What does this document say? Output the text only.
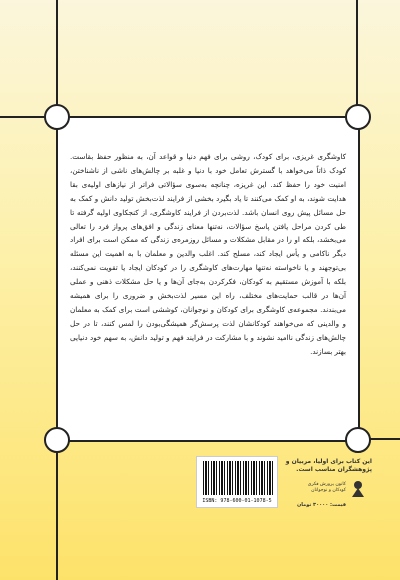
کاوشگری غریزی، برای کودک، روشی برای فهم دنیا و قواعد آن، به منظور حفظ بقاست. کودک ذاتاً می‌خواهد با گسترش تعامل خود با دنیا و غلبه بر چالش‌های ناشی از ناشناختن، امنیت خود را حفظ کند. این غریزه، چنانچه به‌سوی سؤالاتی فراتر از نیازهای اولیه‌ی بقا هدایت شوند، به او کمک می‌کنند تا یاد بگیرد بخشی از فرایند لذت‌بخش تولید دانش و کمک به حل مسائل پیش روی انسان باشد. لذت‌بردن از فرایند کاوشگری، از کنجکاوی اولیه گرفته تا طی کردن مراحل یافتن پاسخ سؤالات، نه‌تنها معنای زندگی و افق‌های پرواز فرد را تعالی می‌بخشد، بلکه او را در مقابل مشکلات و مسائل روزمره‌ی زندگی که ممکن است برای افراد دیگر ناکامی و یأس ایجاد کند، مسلح کند. اغلب والدین و معلمان با به اهمیت این مسئله بی‌توجهند و یا ناخواسته نه‌تنها مهارت‌های کاوشگری را در کودکان ایجاد یا تقویت نمی‌کنند، بلکه با آموزش مستقیم به کودکان، فکرکردن به‌جای آن‌ها و یا حل مشکلات ذهنی و عملی آن‌ها در قالب حمایت‌های مختلف، راه این مسیر لذت‌بخش و ضروری را برای همیشه می‌بندند. مجموعه‌ی کاوشگری برای کودکان و نوجوانان، کوششی است برای کمک به معلمان و والدینی که می‌خواهند کودکانشان لذت پرسش‌گر همیشگی‌بودن را لمس کنند، تا در حل چالش‌های زندگی ناامید نشوند و با مشارکت در فرایند فهم و تولید دانش، به سهم خود دنیایی بهتر بسازند.

ISBN: 978-600-01-1078-5
این کتاب برای اولیا، مربیان و
پژوهشگران مناسب است.
کانون پرورش فکری
کودکان و نوجوانان
قیمت: ۳۰۰۰۰ تومان
